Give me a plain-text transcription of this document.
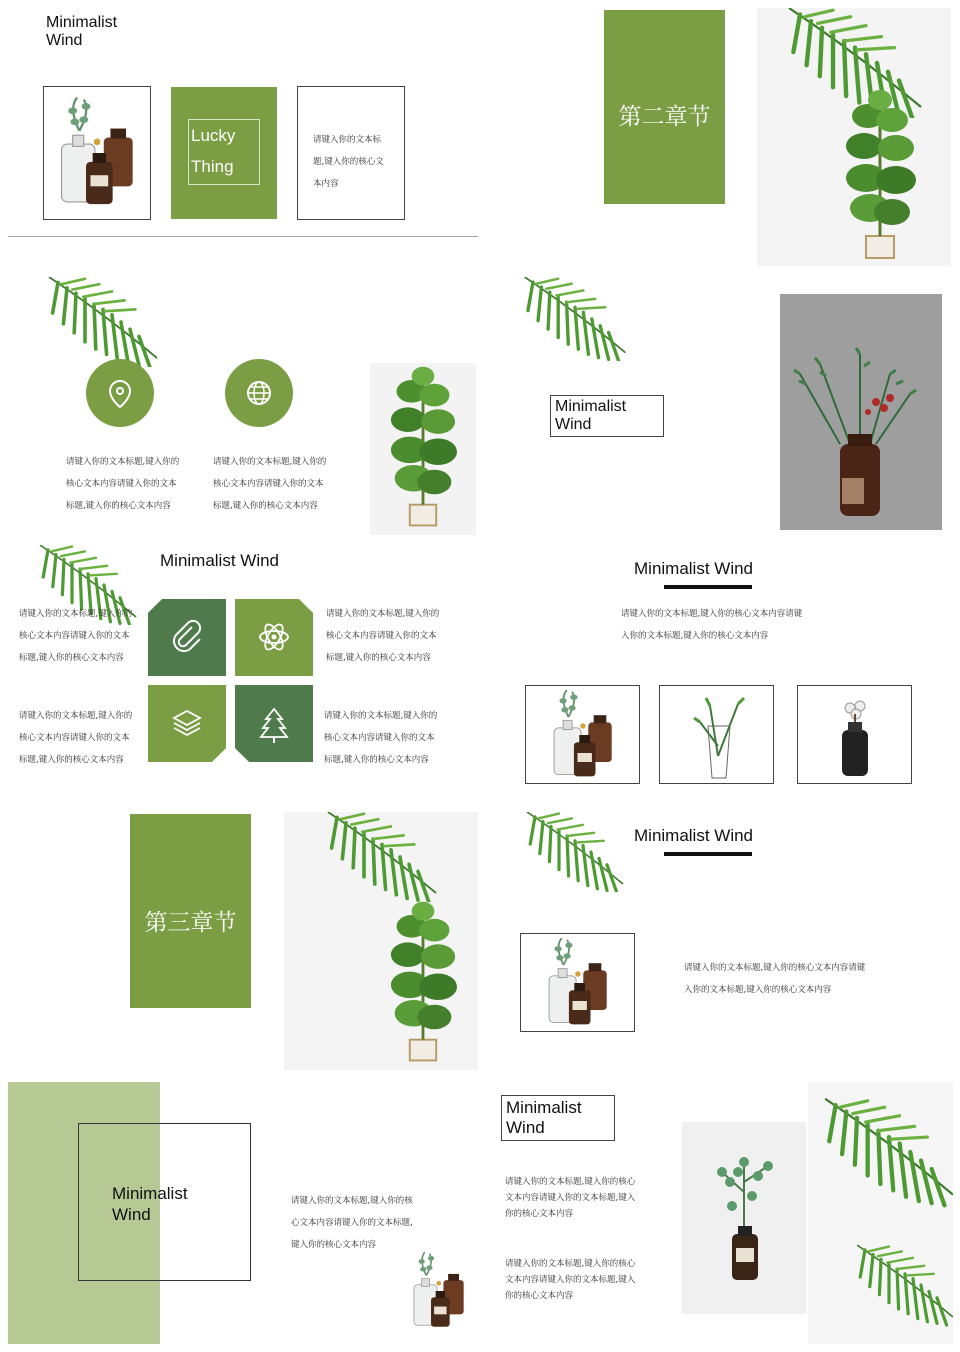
Minimalist
Wind
Lucky
Thing
请键入你的文本标
题,键入你的核心文
本内容
第二章节
请键入你的文本标题,键入你的
核心文本内容请键入你的文本
标题,键入你的核心文本内容
请键入你的文本标题,键入你的
核心文本内容请键入你的文本
标题,键入你的核心文本内容
Minimalist
Wind
Minimalist Wind
请键入你的文本标题,键入你的
核心文本内容请键入你的文本
标题,键入你的核心文本内容
请键入你的文本标题,键入你的
核心文本内容请键入你的文本
标题,键入你的核心文本内容
请键入你的文本标题,键入你的
核心文本内容请键入你的文本
标题,键入你的核心文本内容
请键入你的文本标题,键入你的
核心文本内容请键入你的文本
标题,键入你的核心文本内容
Minimalist Wind
请键入你的文本标题,键入你的核心文本内容请键
入你的文本标题,键入你的核心文本内容
第三章节
Minimalist Wind
请键入你的文本标题,键入你的核心文本内容请键
入你的文本标题,键入你的核心文本内容
Minimalist
Wind
请键入你的文本标题,键入你的核
心文本内容请键入你的文本标题,
键入你的核心文本内容
Minimalist
Wind
请键入你的文本标题,键入你的核心
文本内容请键入你的文本标题,键入
你的核心文本内容
请键入你的文本标题,键入你的核心
文本内容请键入你的文本标题,键入
你的核心文本内容
